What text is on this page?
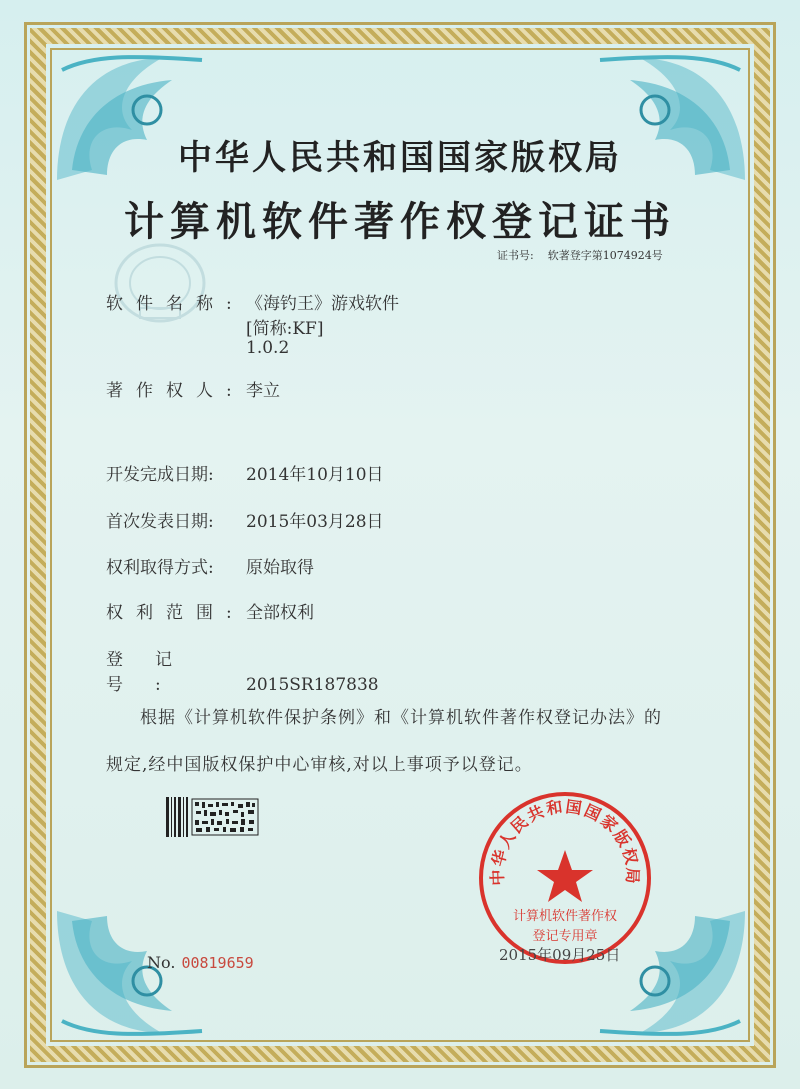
中华人民共和国国家版权局
计算机软件著作权登记证书
证书号: 软著登字第1074924号
软件名称:《海钓王》游戏软件
[简称:KF]
1.0.2
著作权人:李立
开发完成日期: 2014年10月10日
首次发表日期: 2015年03月28日
权利取得方式: 原始取得
权利范围:全部权利
登记号:	2015SR187838
根据《计算机软件保护条例》和《计算机软件著作权登记办法》的
规定,经中国版权保护中心审核,对以上事项予以登记。
中华人民共和国国家版权局
计算机软件著作权
登记专用章
2015年09月25日
No. 00819659
